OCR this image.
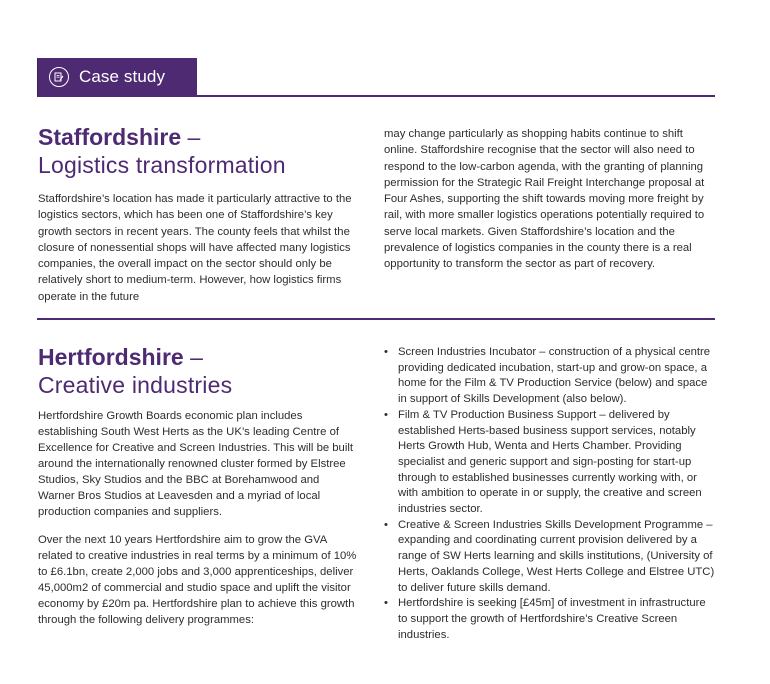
Case study
Staffordshire –
Logistics transformation

Staffordshire’s location has made it particularly attractive to the logistics sectors, which has been one of Staffordshire’s key growth sectors in recent years. The county feels that whilst the closure of nonessential shops will have affected many logistics companies, the overall impact on the sector should only be relatively short to medium-term. However, how logistics firms operate in the future

may change particularly as shopping habits continue to shift online. Staffordshire recognise that the sector will also need to respond to the low-carbon agenda, with the granting of planning permission for the Strategic Rail Freight Interchange proposal at Four Ashes, supporting the shift towards moving more freight by rail, with more smaller logistics operations potentially required to serve local markets. Given Staffordshire’s location and the prevalence of logistics companies in the county there is a real opportunity to transform the sector as part of recovery.

Hertfordshire –
Creative industries

Hertfordshire Growth Boards economic plan includes establishing South West Herts as the UK’s leading Centre of Excellence for Creative and Screen Industries. This will be built around the internationally renowned cluster formed by Elstree Studios, Sky Studios and the BBC at Borehamwood and Warner Bros Studios at Leavesden and a myriad of local production companies and suppliers.

Over the next 10 years Hertfordshire aim to grow the GVA related to creative industries in real terms by a minimum of 10% to £6.1bn, create 2,000 jobs and 3,000 apprenticeships, deliver 45,000m2 of commercial and studio space and uplift the visitor economy by £20m pa. Hertfordshire plan to achieve this growth through the following delivery programmes:

• Screen Industries Incubator – construction of a physical centre providing dedicated incubation, start-up and grow-on space, a home for the Film & TV Production Service (below) and space in support of Skills Development (also below).
• Film & TV Production Business Support – delivered by established Herts-based business support services, notably Herts Growth Hub, Wenta and Herts Chamber. Providing specialist and generic support and sign-posting for start-up through to established businesses currently working with, or with ambition to operate in or supply, the creative and screen industries sector.
• Creative & Screen Industries Skills Development Programme – expanding and coordinating current provision delivered by a range of SW Herts learning and skills institutions, (University of Herts, Oaklands College, West Herts College and Elstree UTC) to deliver future skills demand.
• Hertfordshire is seeking [£45m] of investment in infrastructure to support the growth of Hertfordshire’s Creative Screen industries.
